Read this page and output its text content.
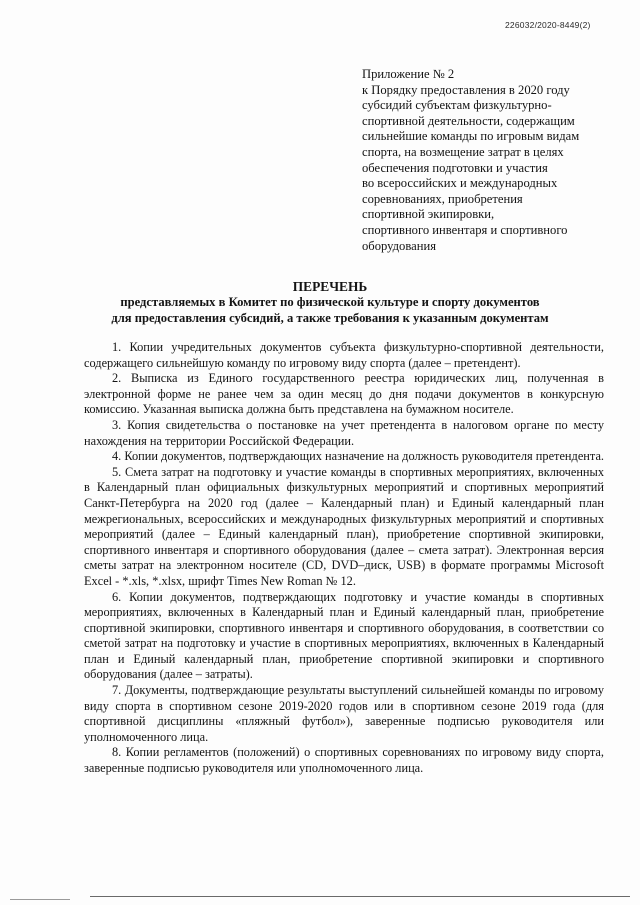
226032/2020-8449(2)
Приложение № 2
к Порядку предоставления в 2020 году
субсидий субъектам физкультурно-
спортивной деятельности, содержащим
сильнейшие команды по игровым видам
спорта, на возмещение затрат в целях
обеспечения подготовки и участия
во всероссийских и международных
соревнованиях, приобретения
спортивной экипировки,
спортивного инвентаря и спортивного
оборудования
ПЕРЕЧЕНЬ
представляемых в Комитет по физической культуре и спорту документов
для предоставления субсидий, а также требования к указанным документам

1. Копии учредительных документов субъекта физкультурно-спортивной деятельности, содержащего сильнейшую команду по игровому виду спорта (далее – претендент).

2. Выписка из Единого государственного реестра юридических лиц, полученная в электронной форме не ранее чем за один месяц до дня подачи документов в конкурсную комиссию. Указанная выписка должна быть представлена на бумажном носителе.

3. Копия свидетельства о постановке на учет претендента в налоговом органе по месту нахождения на территории Российской Федерации.

4. Копии документов, подтверждающих назначение на должность руководителя претендента.

5. Смета затрат на подготовку и участие команды в спортивных мероприятиях, включенных в Календарный план официальных физкультурных мероприятий и спортивных мероприятий Санкт-Петербурга на 2020 год (далее – Календарный план) и Единый календарный план межрегиональных, всероссийских и международных физкультурных мероприятий и спортивных мероприятий (далее – Единый календарный план), приобретение спортивной экипировки, спортивного инвентаря и спортивного оборудования (далее – смета затрат). Электронная версия сметы затрат на электронном носителе (CD, DVD–диск, USB) в формате программы Microsoft Excel - *.xls, *.xlsx, шрифт Times New Roman № 12.

6. Копии документов, подтверждающих подготовку и участие команды в спортивных мероприятиях, включенных в Календарный план и Единый календарный план, приобретение спортивной экипировки, спортивного инвентаря и спортивного оборудования, в соответствии со сметой затрат на подготовку и участие в спортивных мероприятиях, включенных в Календарный план и Единый календарный план, приобретение спортивной экипировки и спортивного оборудования (далее – затраты).

7. Документы, подтверждающие результаты выступлений сильнейшей команды по игровому виду спорта в спортивном сезоне 2019-2020 годов или в спортивном сезоне 2019 года (для спортивной дисциплины «пляжный футбол»), заверенные подписью руководителя или уполномоченного лица.

8. Копии регламентов (положений) о спортивных соревнованиях по игровому виду спорта, заверенные подписью руководителя или уполномоченного лица.
